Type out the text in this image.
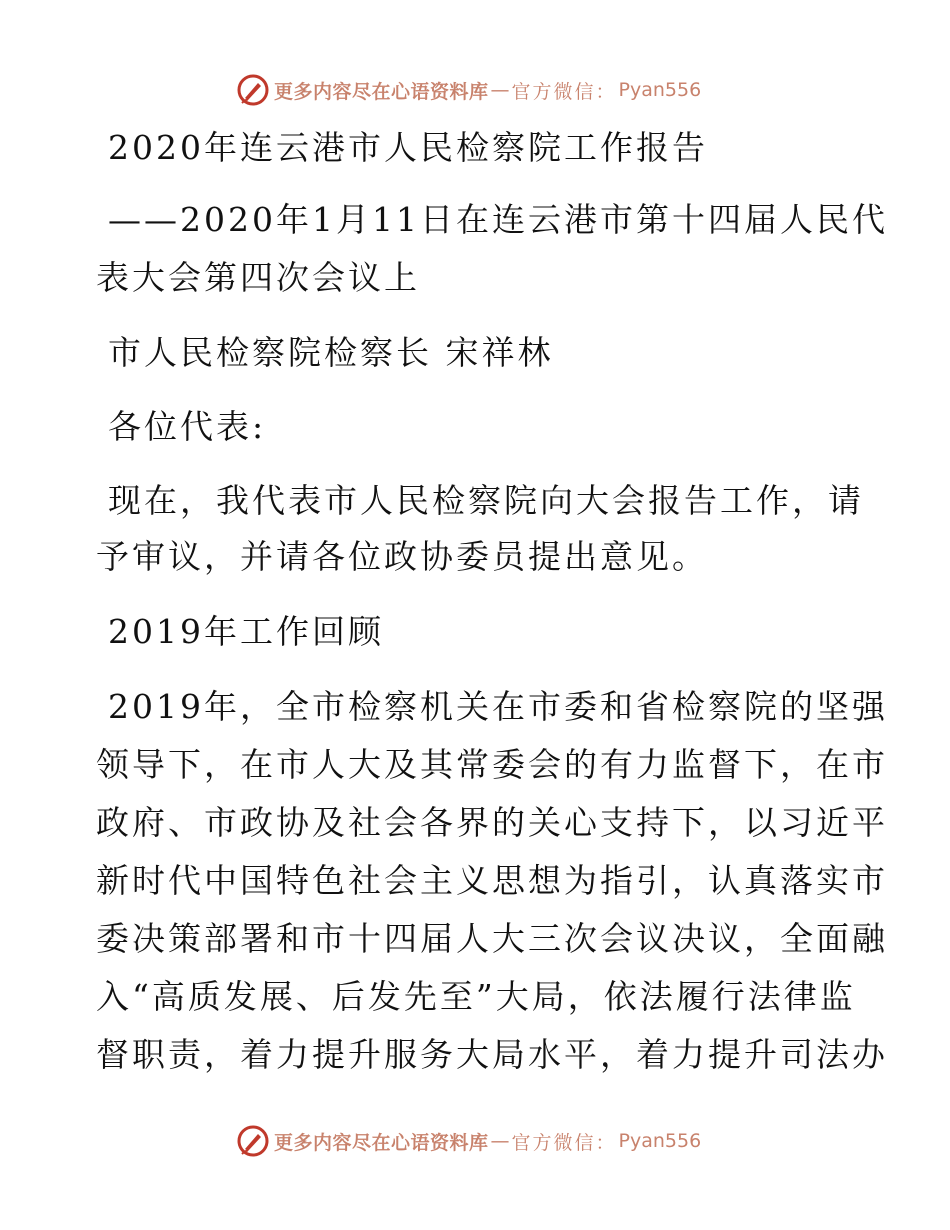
更多内容尽在心语资料库 — 官方微信： Pyan556
2020年连云港市人民检察院工作报告
——2020年1月11日在连云港市第十四届人民代
表大会第四次会议上
市人民检察院检察长 宋祥林
各位代表:
现在，我代表市人民检察院向大会报告工作，请
予审议，并请各位政协委员提出意见。
2019年工作回顾
2019年，全市检察机关在市委和省检察院的坚强
领导下，在市人大及其常委会的有力监督下，在市
政府、市政协及社会各界的关心支持下，以习近平
新时代中国特色社会主义思想为指引，认真落实市
委决策部署和市十四届人大三次会议决议，全面融
入“高质发展、后发先至”大局，依法履行法律监
督职责，着力提升服务大局水平，着力提升司法办
更多内容尽在心语资料库 — 官方微信： Pyan556
